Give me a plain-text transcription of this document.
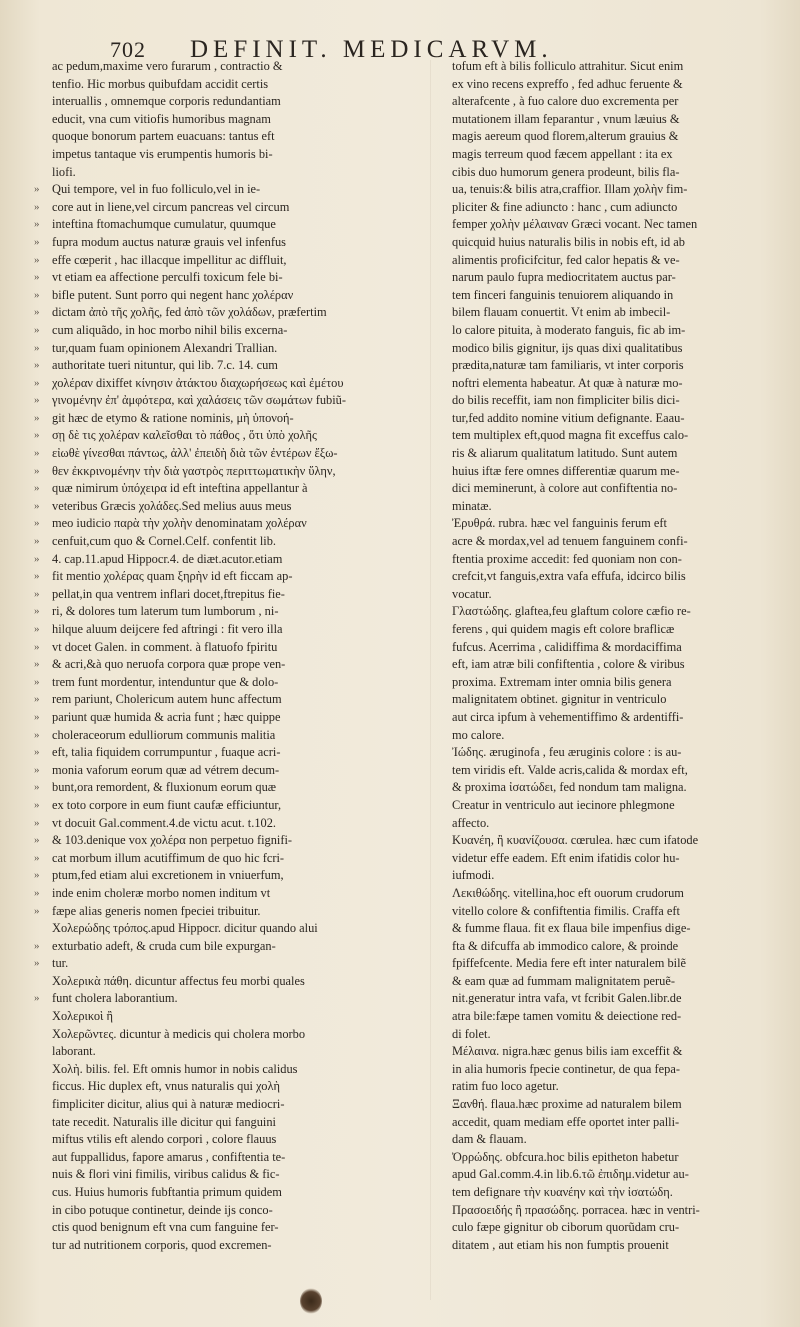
702	DEFINIT. MEDICARVM.
ac pedum,maxime vero furarum , contractio &
tenfio. Hic morbus quibufdam accidit certis
interuallis , omnemque corporis redundantiam
educit, vna cum vitiofis humoribus magnam
quoque bonorum partem euacuans: tantus eft
impetus tantaque vis erumpentis humoris bi-
liofi.
»	Qui tempore, vel in fuo folliculo,vel in ie-
»	core aut in liene,vel circum pancreas vel circum
»	inteftina ftomachumque cumulatur, quumque
»	fupra modum auctus naturæ grauis vel infenfus
»	effe cœperit , hac illacque impellitur ac diffluit,
»	vt etiam ea affectione perculfi toxicum fele bi-
»	bifle putent. Sunt porro qui negent hanc χολέραν
»	dictam ἀπὸ τῆς χολῆς, fed ἀπὸ τῶν χολάδων, præfertim
»	cum aliquãdo, in hoc morbo nihil bilis excerna-
»	tur,quam fuam opinionem Alexandri Trallian.
»	authoritate tueri nituntur, qui lib. 7.c. 14. cum
»	χολέραν dixiffet κίνησιν ἀτάκτου διαχωρήσεως καὶ ἐμέτου
»	γινομένην ἐπ' ἀμφότερα, καὶ χαλάσεις τῶν σωμάτων fubiũ-
»	git hæc de etymo & ratione nominis, μὴ ὑπονοή-
»	σῃ δὲ τις χολέραν καλεῖσθαι τὸ πάθος , ὅτι ὑπὸ χολῆς
»	εἰωθὲ γίνεσθαι πάντως, ἀλλ' ἐπειδὴ διὰ τῶν ἐντέρων ἔξω-
»	θεν ἐκκρινομένην τὴν διὰ γαστρὸς περιττωματικὴν ὕλην,
»	quæ nimirum ὑπόχειρα id eft inteftina appellantur à
»	veteribus Græcis χολάδες.Sed melius auus meus
»	meo iudicio παρὰ τὴν χολὴν denominatam χολέραν
»	cenfuit,cum quo & Cornel.Celf. confentit lib.
»	4. cap.11.apud Hippocr.4. de diæt.acutor.etiam
»	fit mentio χολέρας quam ξηρὴν id eft ficcam ap-
»	pellat,in qua ventrem inflari docet,ftrepitus fie-
»	ri, & dolores tum laterum tum lumborum , ni-
»	hilque aluum deijcere fed aftringi : fit vero illa
»	vt docet Galen. in comment. à flatuofo fpiritu
»	& acri,&à quo neruofa corpora quæ prope ven-
»	trem funt mordentur, intenduntur que & dolo-
»	rem pariunt, Cholericum autem hunc affectum
»	pariunt quæ humida & acria funt ; hæc quippe
»	choleraceorum edulliorum communis malitia
»	eft, talia fiquidem corrumpuntur , fuaque acri-
»	monia vaforum eorum quæ ad vétrem decum-
»	bunt,ora remordent, & fluxionum eorum quæ
»	ex toto corpore in eum fiunt caufæ efficiuntur,
»	vt docuit Gal.comment.4.de victu acut. t.102.
»	& 103.denique vox χολέρα non perpetuo fignifi-
»	cat morbum illum acutiffimum de quo hic fcri-
»	ptum,fed etiam alui excretionem in vniuerfum,
»	inde enim choleræ morbo nomen inditum vt
»	fæpe alias generis nomen fpeciei tribuitur.
Χολερώδης τρόπος.apud Hippocr. dicitur quando alui
»	exturbatio adeft, & cruda cum bile expurgan-
»	tur.
Χολερικὰ πάθη. dicuntur affectus feu morbi quales
»	funt cholera laborantium.
Χολερικοὶ ἢ
Χολερῶντες. dicuntur à medicis qui cholera morbo
laborant.
Χολὴ. bilis. fel. Eft omnis humor in nobis calidus
ficcus. Hic duplex eft, vnus naturalis qui χολὴ
fimpliciter dicitur, alius qui à naturæ mediocri-
tate recedit. Naturalis ille dicitur qui fanguini
miftus vtilis eft alendo corpori , colore flauus
aut fuppallidus, fapore amarus , confiftentia te-
nuis & flori vini fimilis, viribus calidus & fic-
cus. Huius humoris fubftantia primum quidem
in cibo potuque continetur, deinde ijs conco-
ctis quod benignum eft vna cum fanguine fer-
tur ad nutritionem corporis, quod excremen-
tofum eft à bilis folliculo attrahitur. Sicut enim
ex vino recens expreffo , fed adhuc feruente &
alterafcente , à fuo calore duo excrementa per
mutationem illam feparantur , vnum læuius &
magis aereum quod florem,alterum grauius &
magis terreum quod fæcem appellant : ita ex
cibis duo humorum genera prodeunt, bilis fla-
ua, tenuis:& bilis atra,craffior. Illam χολὴν fim-
pliciter & fine adiuncto : hanc , cum adiuncto
femper χολὴν μέλαιναν Græci vocant. Nec tamen
quicquid huius naturalis bilis in nobis eft, id ab
alimentis proficifcitur, fed calor hepatis & ve-
narum paulo fupra mediocritatem auctus par-
tem finceri fanguinis tenuiorem aliquando in
bilem flauam conuertit. Vt enim ab imbecil-
lo calore pituita, à moderato fanguis, fic ab im-
modico bilis gignitur, ijs quas dixi qualitatibus
prædita,naturæ tam familiaris, vt inter corporis
noftri elementa habeatur. At quæ à naturæ mo-
do bilis receffit, iam non fimpliciter bilis dici-
tur,fed addito nomine vitium defignante. Eaau-
tem multiplex eft,quod magna fit exceffus calo-
ris & aliarum qualitatum latitudo. Sunt autem
huius iftæ fere omnes differentiæ quarum me-
dici meminerunt, à colore aut confiftentia no-
minatæ.
Ἐρυθρά. rubra. hæc vel fanguinis ferum eft
acre & mordax,vel ad tenuem fanguinem confi-
ftentia proxime accedit: fed quoniam non con-
crefcit,vt fanguis,extra vafa effufa, idcirco bilis
vocatur.
Γλαστώδης. glaftea,feu glaftum colore cæfio re-
ferens , qui quidem magis eft colore braflicæ
fufcus. Acerrima , calidiffima & mordaciffima
eft, iam atræ bili confiftentia , colore & viribus
proxima. Extremam inter omnia bilis genera
malignitatem obtinet. gignitur in ventriculo
aut circa ipfum à vehementiffimo & ardentiffi-
mo calore.
Ἰώδης. æruginofa , feu æruginis colore : is au-
tem viridis eft. Valde acris,calida & mordax eft,
& proxima ἰσατώδει, fed nondum tam maligna.
Creatur in ventriculo aut iecinore phlegmone
affecto.
Κυανέη, ἢ κυανίζουσα. cœrulea. hæc cum ifatode
videtur effe eadem. Eft enim ifatidis color hu-
iufmodi.
Λεκιθώδης. vitellina,hoc eft ouorum crudorum
vitello colore & confiftentia fimilis. Craffa eft
& fumme flaua. fit ex flaua bile impenfius dige-
fta & difcuffa ab immodico calore, & proinde
fpiffefcente. Media fere eft inter naturalem bilẽ
& eam quæ ad fummam malignitatem peruẽ-
nit.generatur intra vafa, vt fcribit Galen.libr.de
atra bile:fæpe tamen vomitu & deiectione red-
di folet.
Μέλαινα. nigra.hæc genus bilis iam exceffit &
in alia humoris fpecie continetur, de qua fepa-
ratim fuo loco agetur.
Ξανθή. flaua.hæc proxime ad naturalem bilem
accedit, quam mediam effe oportet inter palli-
dam & flauam.
Ὀρρώδης. obfcura.hoc bilis epitheton habetur
apud Gal.comm.4.in lib.6.τῶ ἐπιδημ.videtur au-
tem defignare τὴν κυανέην καὶ τὴν ἰσατώδη.
Πρασοειδής ἢ πρασώδης. porracea. hæc in ventri-
culo fæpe gignitur ob ciborum quorũdam cru-
ditatem , aut etiam his non fumptis prouenit
